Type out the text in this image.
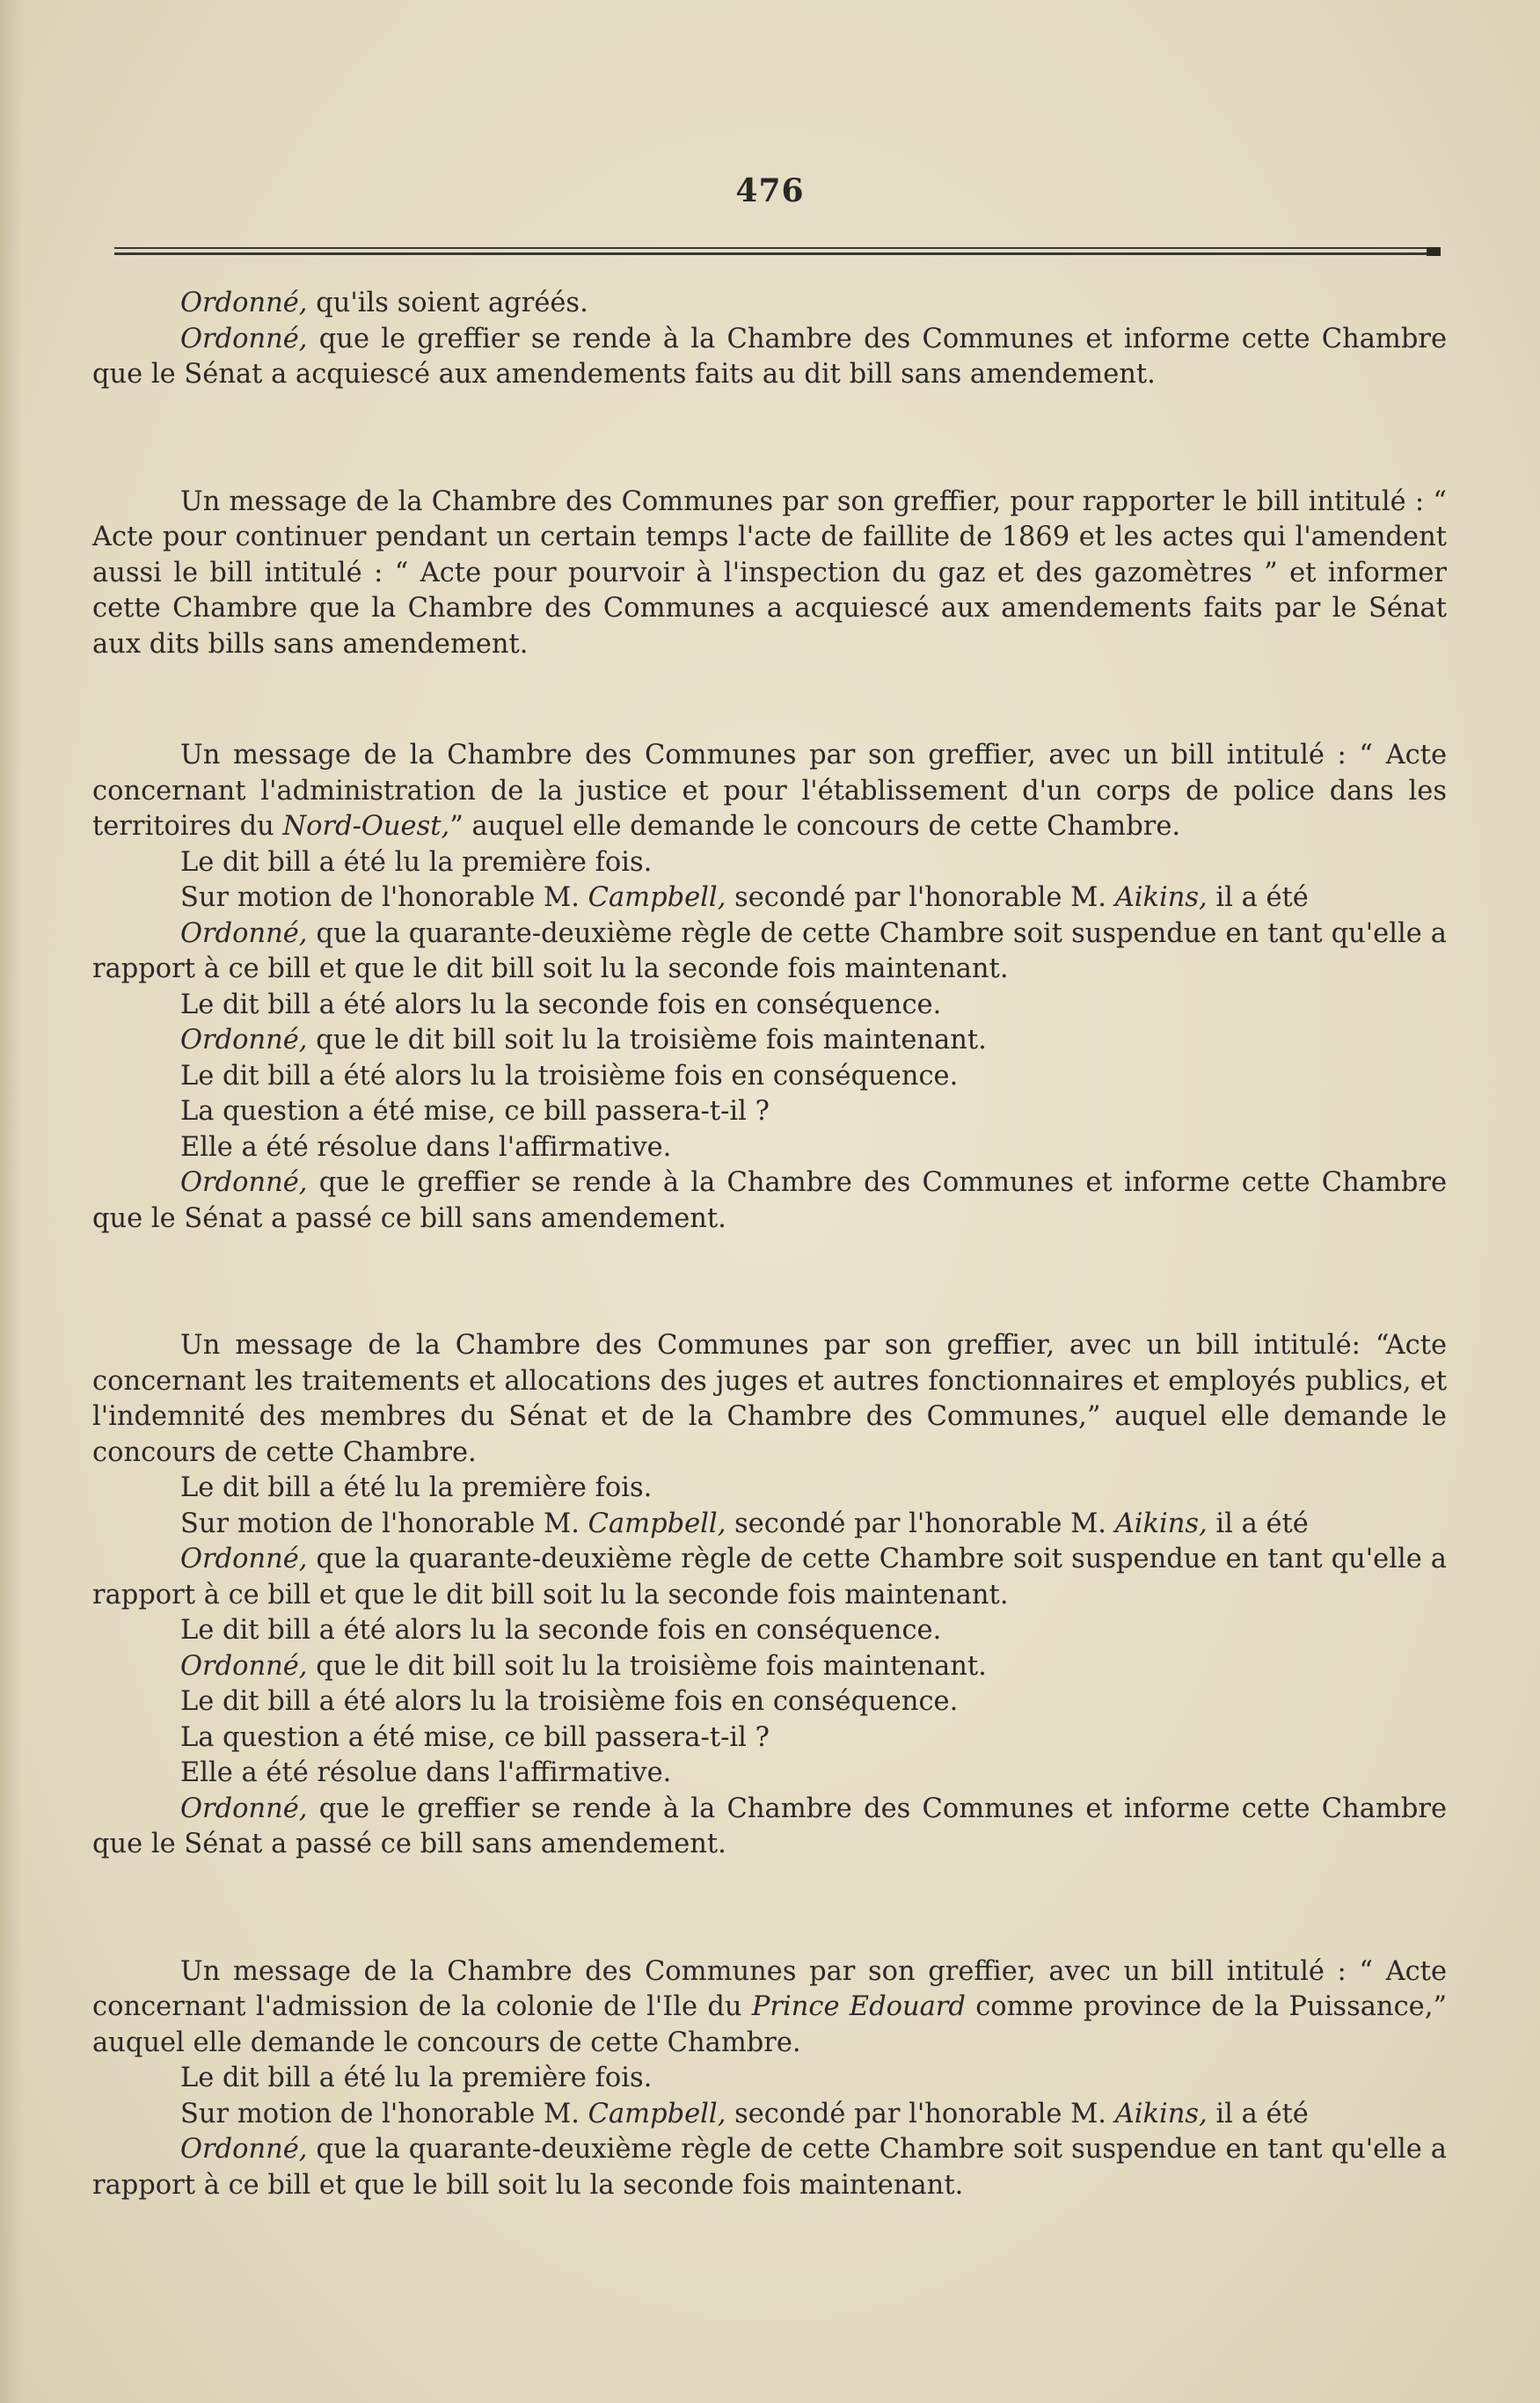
476

Ordonné, qu'ils soient agréés.

Ordonné, que le greffier se rende à la Chambre des Communes et informe cette Chambre que le Sénat a acquiescé aux amendements faits au dit bill sans amendement.

Un message de la Chambre des Communes par son greffier, pour rapporter le bill intitulé : “ Acte pour continuer pendant un certain temps l'acte de faillite de 1869 et les actes qui l'amendent aussi le bill intitulé : “ Acte pour pourvoir à l'inspection du gaz et des gazomètres ” et informer cette Chambre que la Chambre des Communes a acquiescé aux amendements faits par le Sénat aux dits bills sans amendement.

Un message de la Chambre des Communes par son greffier, avec un bill intitulé : “ Acte concernant l'administration de la justice et pour l'établissement d'un corps de police dans les territoires du Nord-Ouest,” auquel elle demande le concours de cette Chambre.

Le dit bill a été lu la première fois.

Sur motion de l'honorable M. Campbell, secondé par l'honorable M. Aikins, il a été

Ordonné, que la quarante-deuxième règle de cette Chambre soit suspendue en tant qu'elle a rapport à ce bill et que le dit bill soit lu la seconde fois maintenant.

Le dit bill a été alors lu la seconde fois en conséquence.

Ordonné, que le dit bill soit lu la troisième fois maintenant.

Le dit bill a été alors lu la troisième fois en conséquence.

La question a été mise, ce bill passera-t-il ?

Elle a été résolue dans l'affirmative.

Ordonné, que le greffier se rende à la Chambre des Communes et informe cette Chambre que le Sénat a passé ce bill sans amendement.

Un message de la Chambre des Communes par son greffier, avec un bill intitulé: “Acte concernant les traitements et allocations des juges et autres fonctionnaires et employés publics, et l'indemnité des membres du Sénat et de la Chambre des Communes,” auquel elle demande le concours de cette Chambre.

Le dit bill a été lu la première fois.

Sur motion de l'honorable M. Campbell, secondé par l'honorable M. Aikins, il a été

Ordonné, que la quarante-deuxième règle de cette Chambre soit suspendue en tant qu'elle a rapport à ce bill et que le dit bill soit lu la seconde fois maintenant.

Le dit bill a été alors lu la seconde fois en conséquence.

Ordonné, que le dit bill soit lu la troisième fois maintenant.

Le dit bill a été alors lu la troisième fois en conséquence.

La question a été mise, ce bill passera-t-il ?

Elle a été résolue dans l'affirmative.

Ordonné, que le greffier se rende à la Chambre des Communes et informe cette Chambre que le Sénat a passé ce bill sans amendement.

Un message de la Chambre des Communes par son greffier, avec un bill intitulé : “ Acte concernant l'admission de la colonie de l'Ile du Prince Edouard comme province de la Puissance,” auquel elle demande le concours de cette Chambre.

Le dit bill a été lu la première fois.

Sur motion de l'honorable M. Campbell, secondé par l'honorable M. Aikins, il a été

Ordonné, que la quarante-deuxième règle de cette Chambre soit suspendue en tant qu'elle a rapport à ce bill et que le bill soit lu la seconde fois maintenant.
